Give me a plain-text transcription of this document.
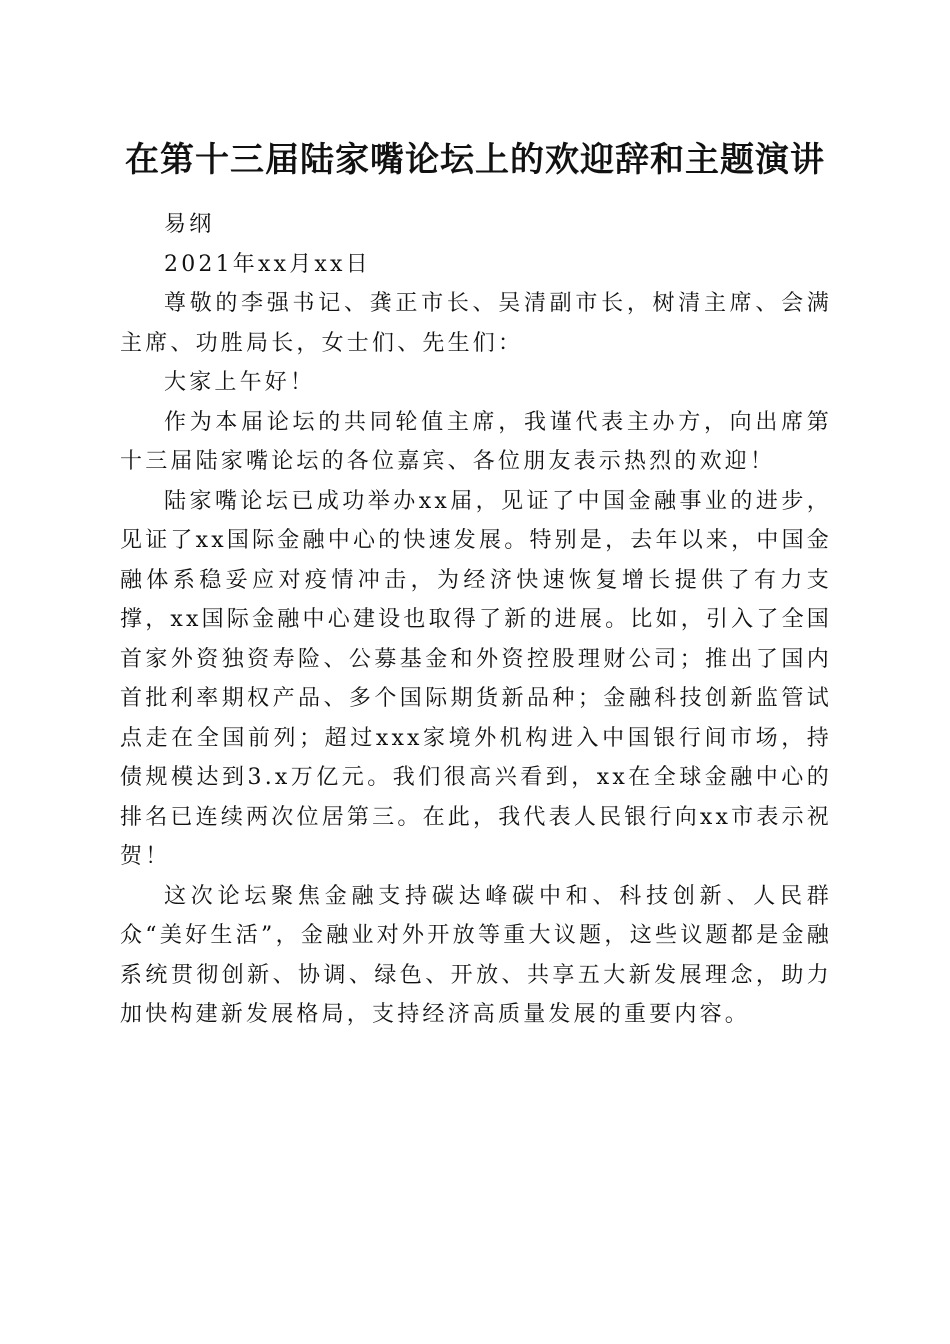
在第十三届陆家嘴论坛上的欢迎辞和主题演讲

易纲

2021年xx月xx日

尊敬的李强书记、龚正市长、吴清副市长，树清主席、会满主席、功胜局长，女士们、先生们：

大家上午好！

作为本届论坛的共同轮值主席，我谨代表主办方，向出席第十三届陆家嘴论坛的各位嘉宾、各位朋友表示热烈的欢迎！

陆家嘴论坛已成功举办xx届，见证了中国金融事业的进步，见证了xx国际金融中心的快速发展。特别是，去年以来，中国金融体系稳妥应对疫情冲击，为经济快速恢复增长提供了有力支撑，xx国际金融中心建设也取得了新的进展。比如，引入了全国首家外资独资寿险、公募基金和外资控股理财公司；推出了国内首批利率期权产品、多个国际期货新品种；金融科技创新监管试点走在全国前列；超过xxx家境外机构进入中国银行间市场，持债规模达到3.x万亿元。我们很高兴看到，xx在全球金融中心的排名已连续两次位居第三。在此，我代表人民银行向xx市表示祝贺！

这次论坛聚焦金融支持碳达峰碳中和、科技创新、人民群众“美好生活”，金融业对外开放等重大议题，这些议题都是金融系统贯彻创新、协调、绿色、开放、共享五大新发展理念，助力加快构建新发展格局，支持经济高质量发展的重要内容。
